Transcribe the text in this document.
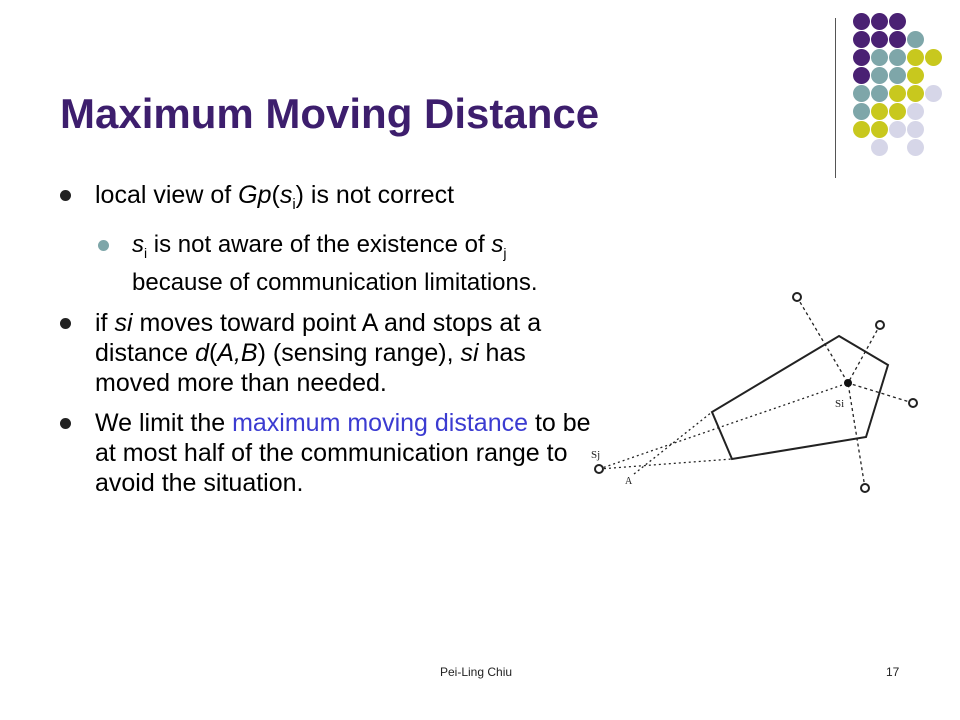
Maximum Moving Distance
local view of $Gp(s_i)$ is not correct
$s_i$ is not aware of the existence of $s_j$ because of communication limitations.
if si moves toward point A and stops at a distance d(A,B) (sensing range), si has moved more than needed.
We limit the maximum moving distance to be at most half of the communication range to avoid the situation.
Si
Sj
A
Pei-Ling Chiu	17
